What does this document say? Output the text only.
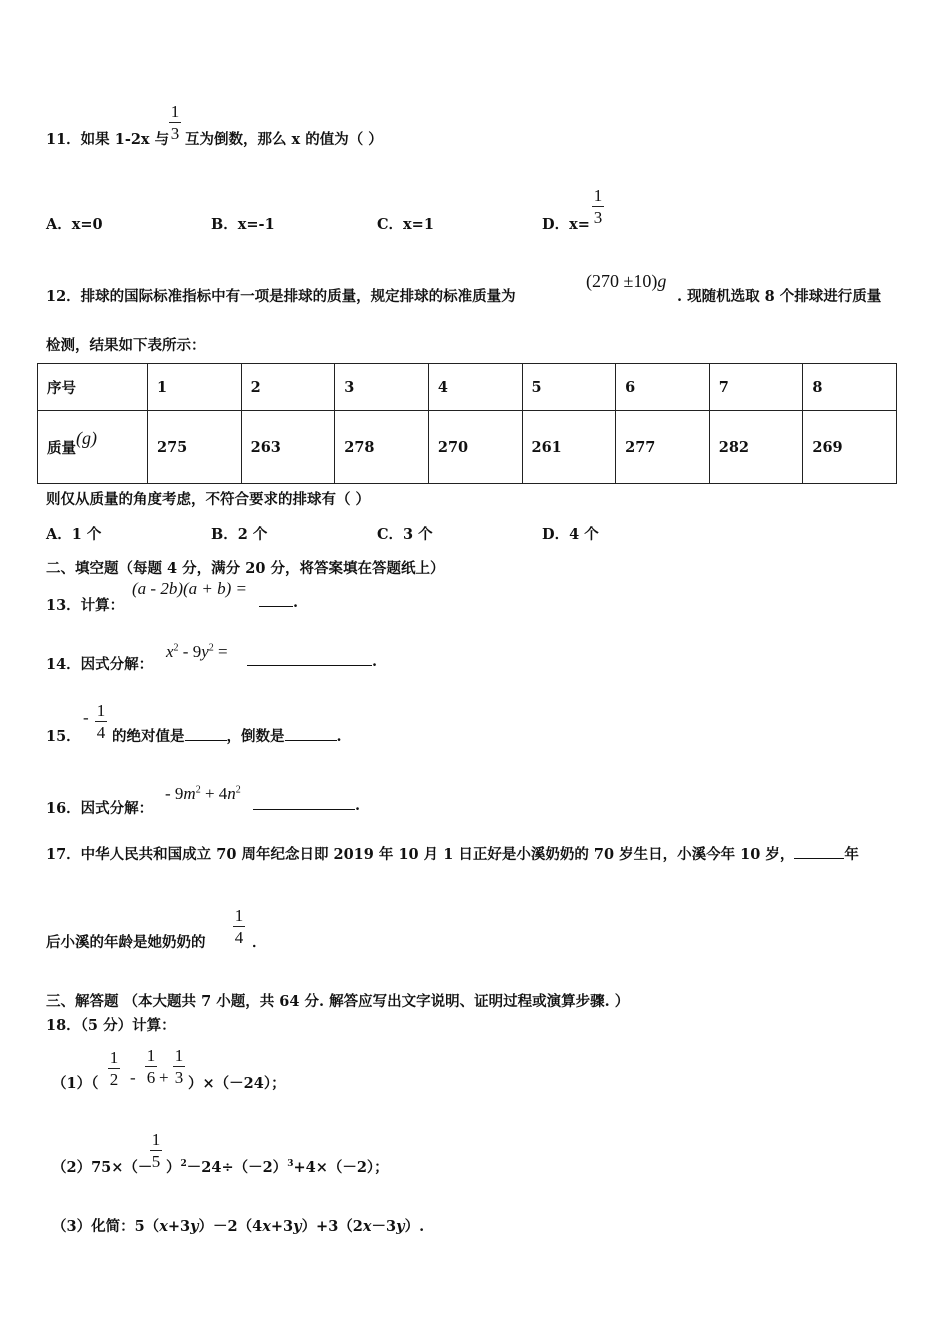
11．如果 1-2x 与
1
3 互为倒数，那么 x 的值为（ ）
A．x=0	B．x=-1	C．x=1	D．x=
1
3
12．排球的国际标准指标中有一项是排球的质量，规定排球的标准质量为
(270 ±10)g
. 现随机选取 8 个排球进行质量
检测，结果如下表所示：
序号	1	2	3	4	5	6	7	8
质量(g)	275	263	278	270	261	277	282	269
则仅从质量的角度考虑，不符合要求的排球有（ ）
A．1 个	B．2 个	C．3 个	D．4 个
二、填空题（每题 4 分，满分 20 分，将答案填在答题纸上）
13．计算：
(a - 2b)(a + b) =
.
14．因式分解：
$x^2 - 9y^2$ =
.
15．
- 1
4 的绝对值是	，倒数是	.
16．因式分解：
- $9m^2 + 4n^2$
.
17．中华人民共和国成立 70 周年纪念日即 2019 年 10 月 1 日正好是小溪奶奶的 70 岁生日，小溪今年 10 岁，	年
后小溪的年龄是她奶奶的
1
4 ．
三、解答题 （本大题共 7 小题，共 64 分. 解答应写出文字说明、证明过程或演算步骤. ）
18．（5 分）计算：
（1）（
1
2 -
1
6 +
1
3 ）×（－24）；
（2）75×（－
1
5 ）$^2-24\div(-2)^3+4\times(-2)$；
（3）化简：5（x+3y）－2（4x+3y）+3（2x－3y）.
